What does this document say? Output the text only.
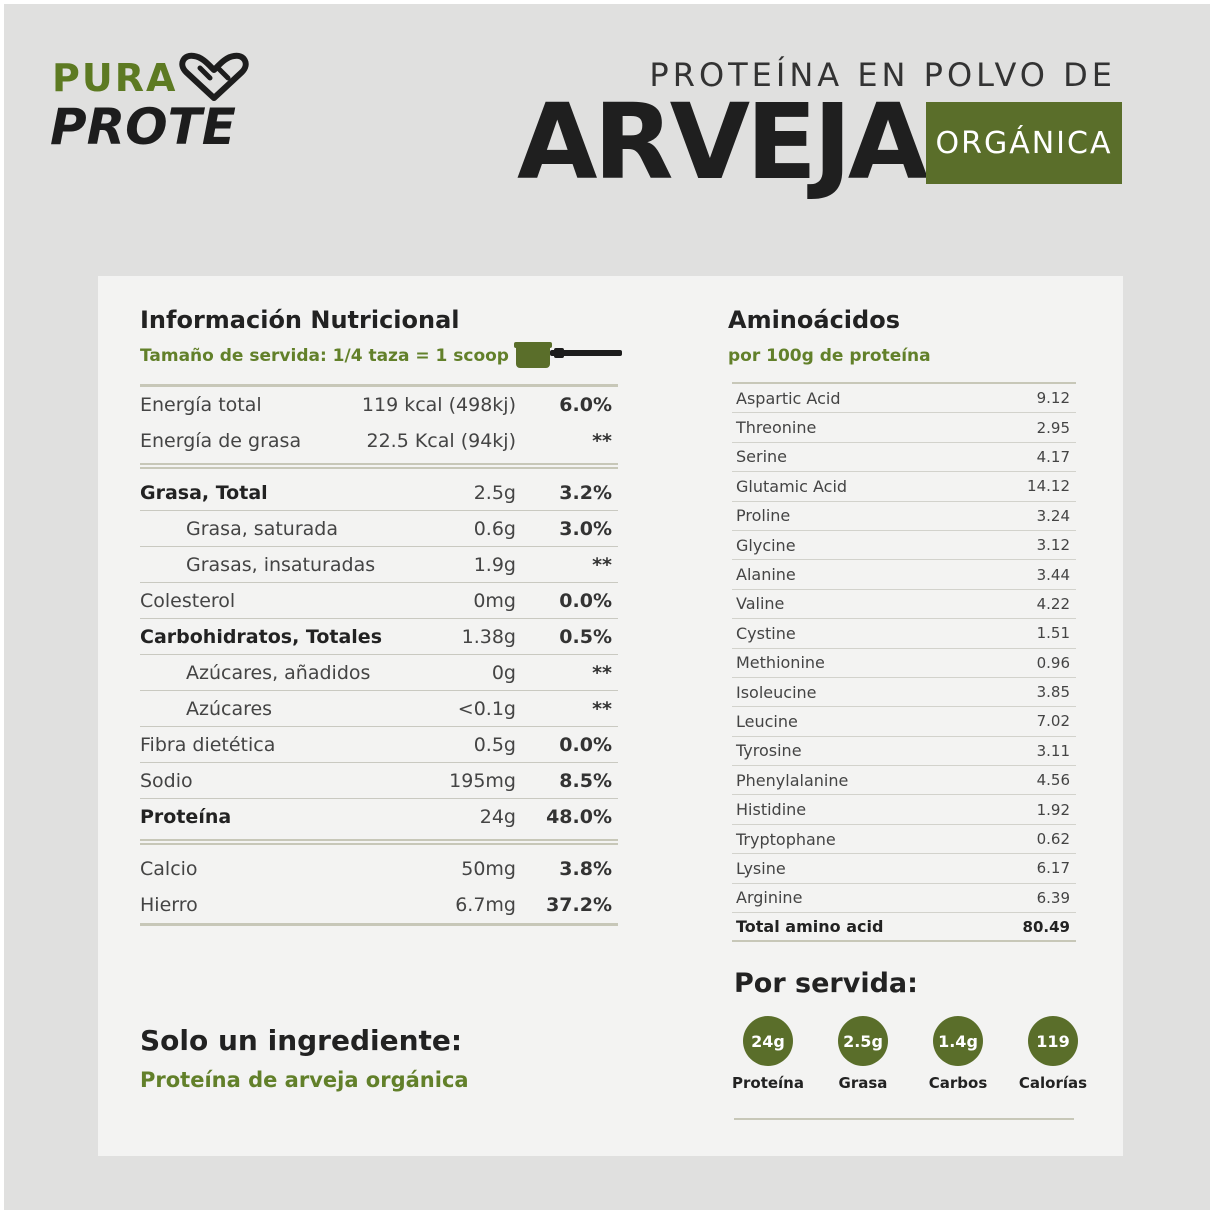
PURA
PROTE
PROTEÍNA EN POLVO DE
ARVEJA ORGÁNICA
Información Nutricional
Tamaño de servida: 1/4 taza = 1 scoop
Energía total	119 kcal (498kj) 6.0%
Energía de grasa	22.5 Kcal (94kj)	**
Grasa, Total	2.5g 3.2%
Grasa, saturada	0.6g 3.0%
Grasas, insaturadas	1.9g	**
Colesterol	0mg 0.0%
Carbohidratos, Totales	1.38g 0.5%
Azúcares, añadidos	0g	**
Azúcares	<0.1g	**
Fibra dietética	0.5g 0.0%
Sodio	195mg 8.5%
Proteína	24g 48.0%
Calcio	50mg 3.8%
Hierro	6.7mg 37.2%
Solo un ingrediente:
Proteína de arveja orgánica
Aminoácidos
por 100g de proteína
Aspartic Acid	9.12
Threonine	2.95
Serine	4.17
Glutamic Acid	14.12
Proline	3.24
Glycine	3.12
Alanine	3.44
Valine	4.22
Cystine	1.51
Methionine	0.96
Isoleucine	3.85
Leucine	7.02
Tyrosine	3.11
Phenylalanine	4.56
Histidine	1.92
Tryptophane	0.62
Lysine	6.17
Arginine	6.39
Total amino acid	80.49
Por servida:
24g
Proteína
2.5g
Grasa
1.4g
Carbos
119
Calorías
